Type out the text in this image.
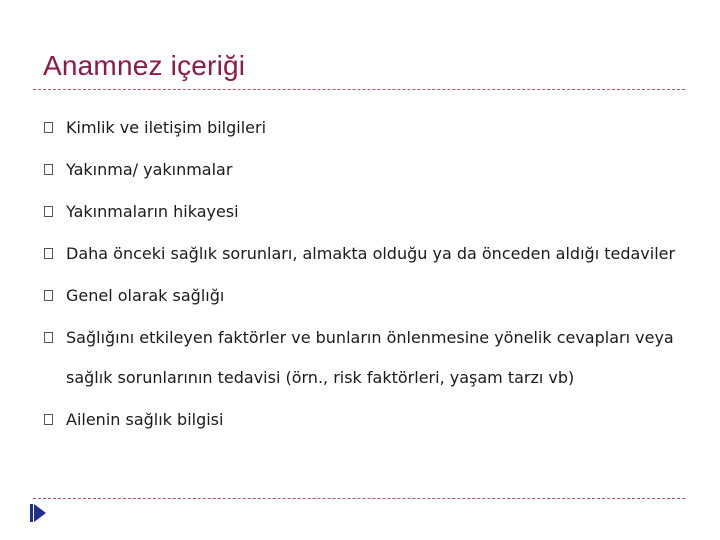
Anamnez içeriği
Kimlik ve iletişim bilgileri
Yakınma/ yakınmalar
Yakınmaların hikayesi
Daha önceki sağlık sorunları, almakta olduğu ya da önceden aldığı tedaviler
Genel olarak sağlığı
Sağlığını etkileyen faktörler ve bunların önlenmesine yönelik cevapları veya sağlık sorunlarının tedavisi (örn., risk faktörleri, yaşam tarzı vb)
Ailenin sağlık bilgisi
